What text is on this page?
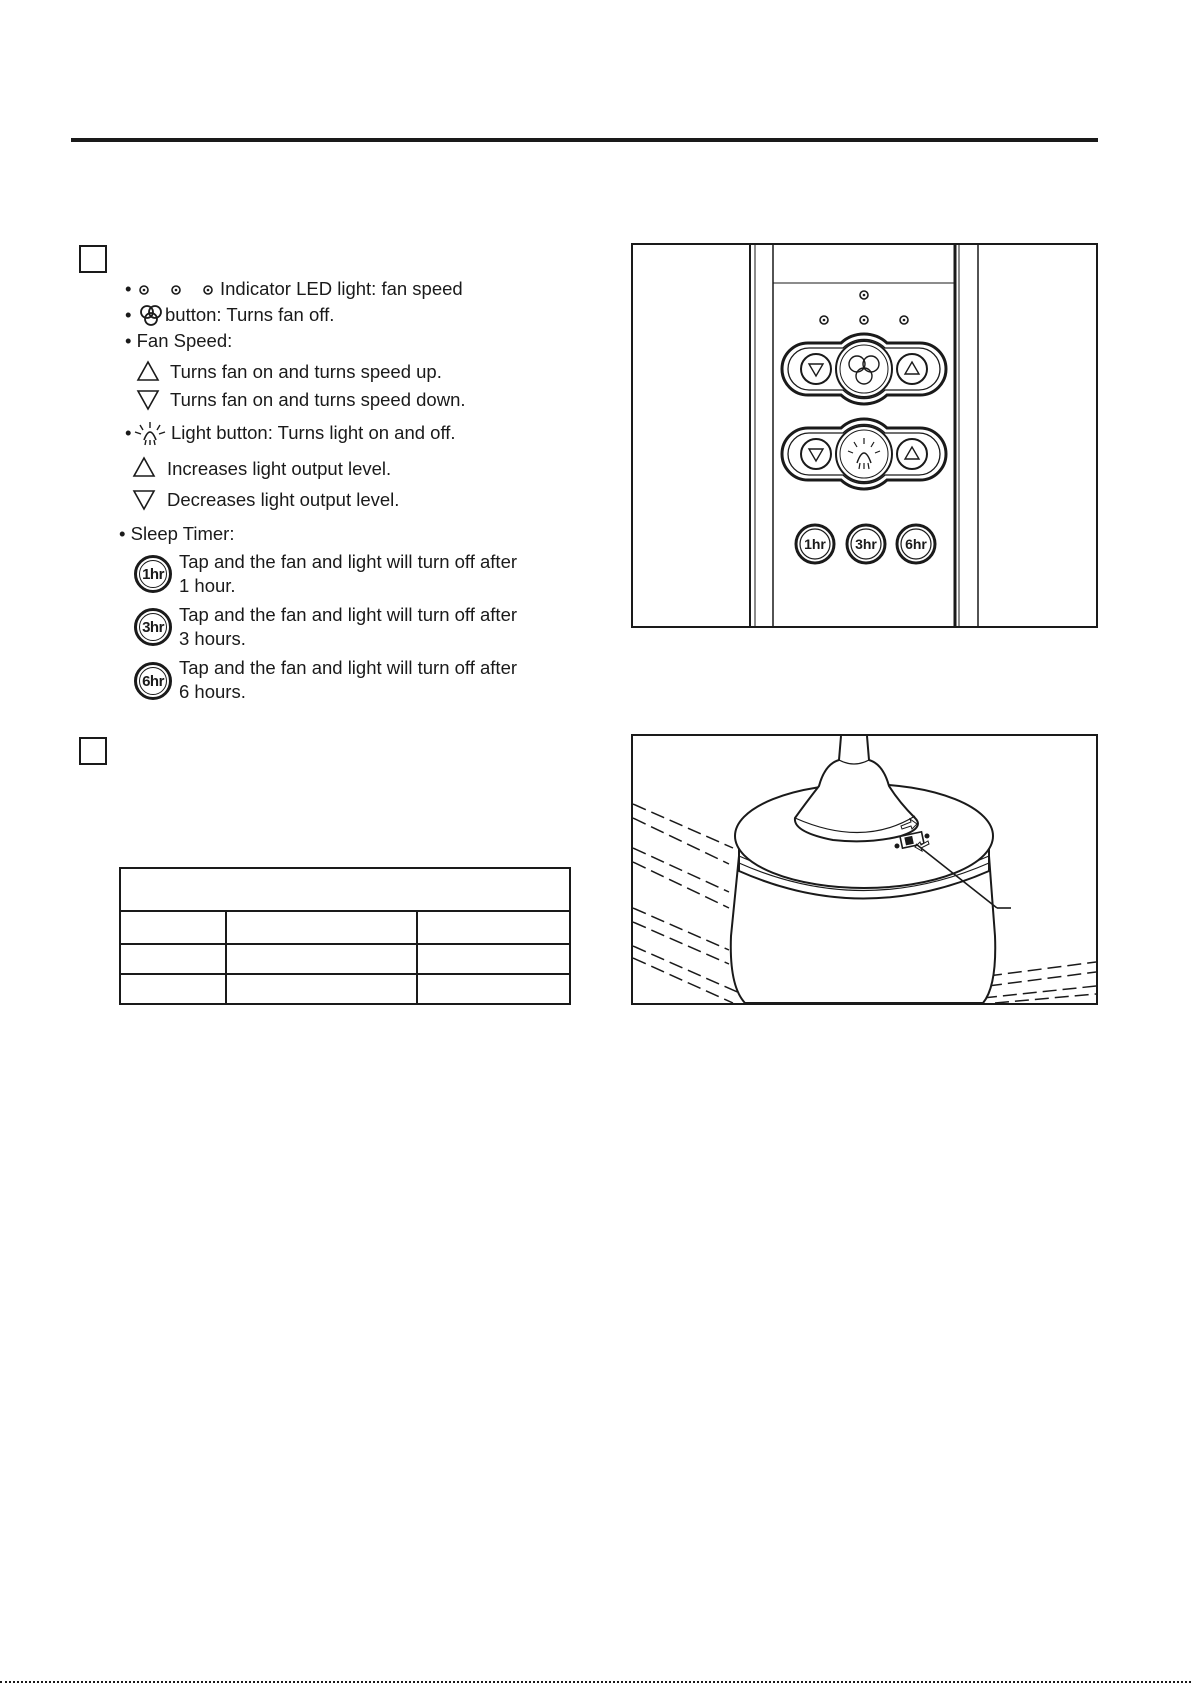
•	Indicator LED light: fan speed
• button: Turns fan off.
• Fan Speed:
Turns fan on and turns speed up.
Turns fan on and turns speed down.
• Light button: Turns light on and off.
Increases light output level.
Decreases light output level.
• Sleep Timer:
1hr
Tap and the fan and light will turn off after
1 hour.
3hr
Tap and the fan and light will turn off after
3 hours.
6hr
Tap and the fan and light will turn off after
6 hours.
1hr 3hr 6hr
